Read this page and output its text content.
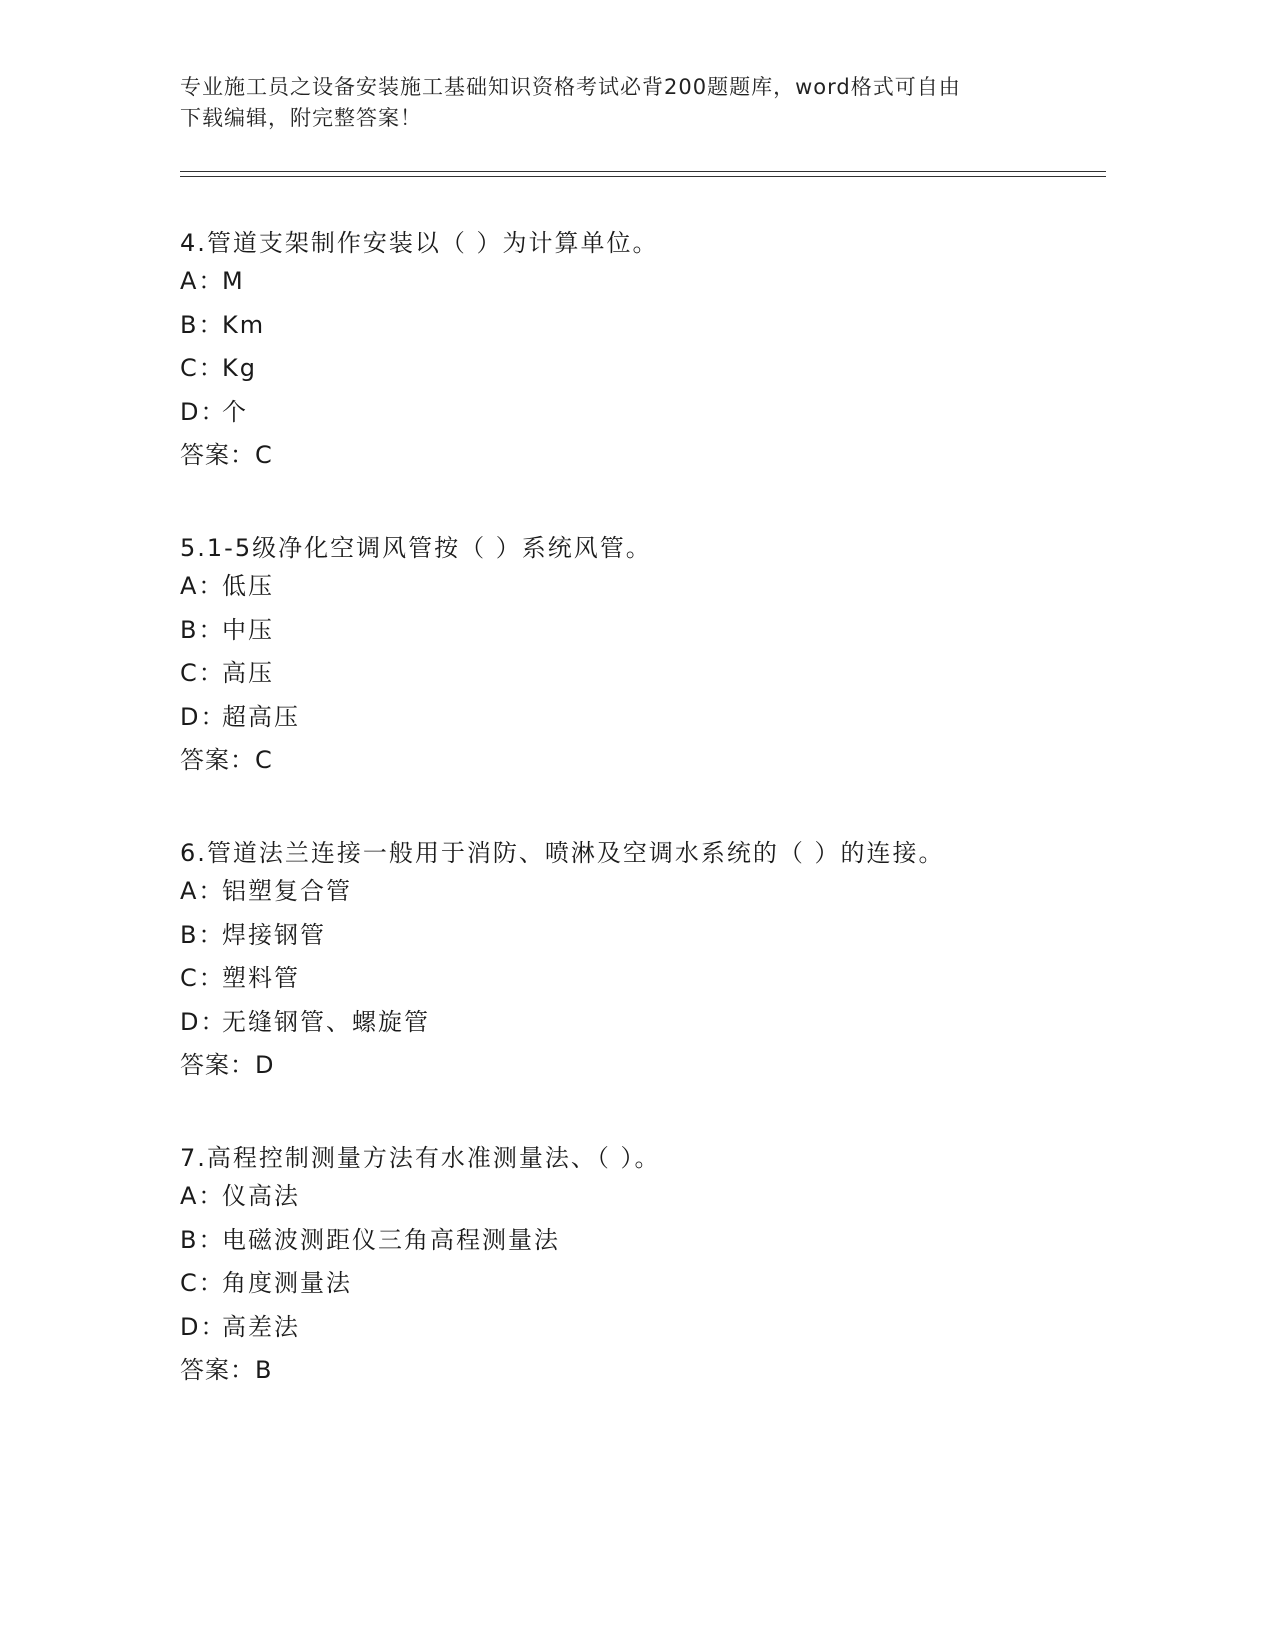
专业施工员之设备安装施工基础知识资格考试必背200题题库，word格式可自由
下载编辑，附完整答案！
4.管道支架制作安装以（ ）为计算单位。
A：
M
B：
Km
C：
Kg
D：
个
答案：C
5.1-5级净化空调风管按（ ）系统风管。
A：
低压
B：
中压
C：
高压
D：
超高压
答案：C
6.管道法兰连接一般用于消防、喷淋及空调水系统的（ ）的连接。
A：
铝塑复合管
B：
焊接钢管
C：
塑料管
D：
无缝钢管、螺旋管
答案：D
7.高程控制测量方法有水准测量法、（ ）。
A：
仪高法
B：
电磁波测距仪三角高程测量法
C：
角度测量法
D：
高差法
答案：B
